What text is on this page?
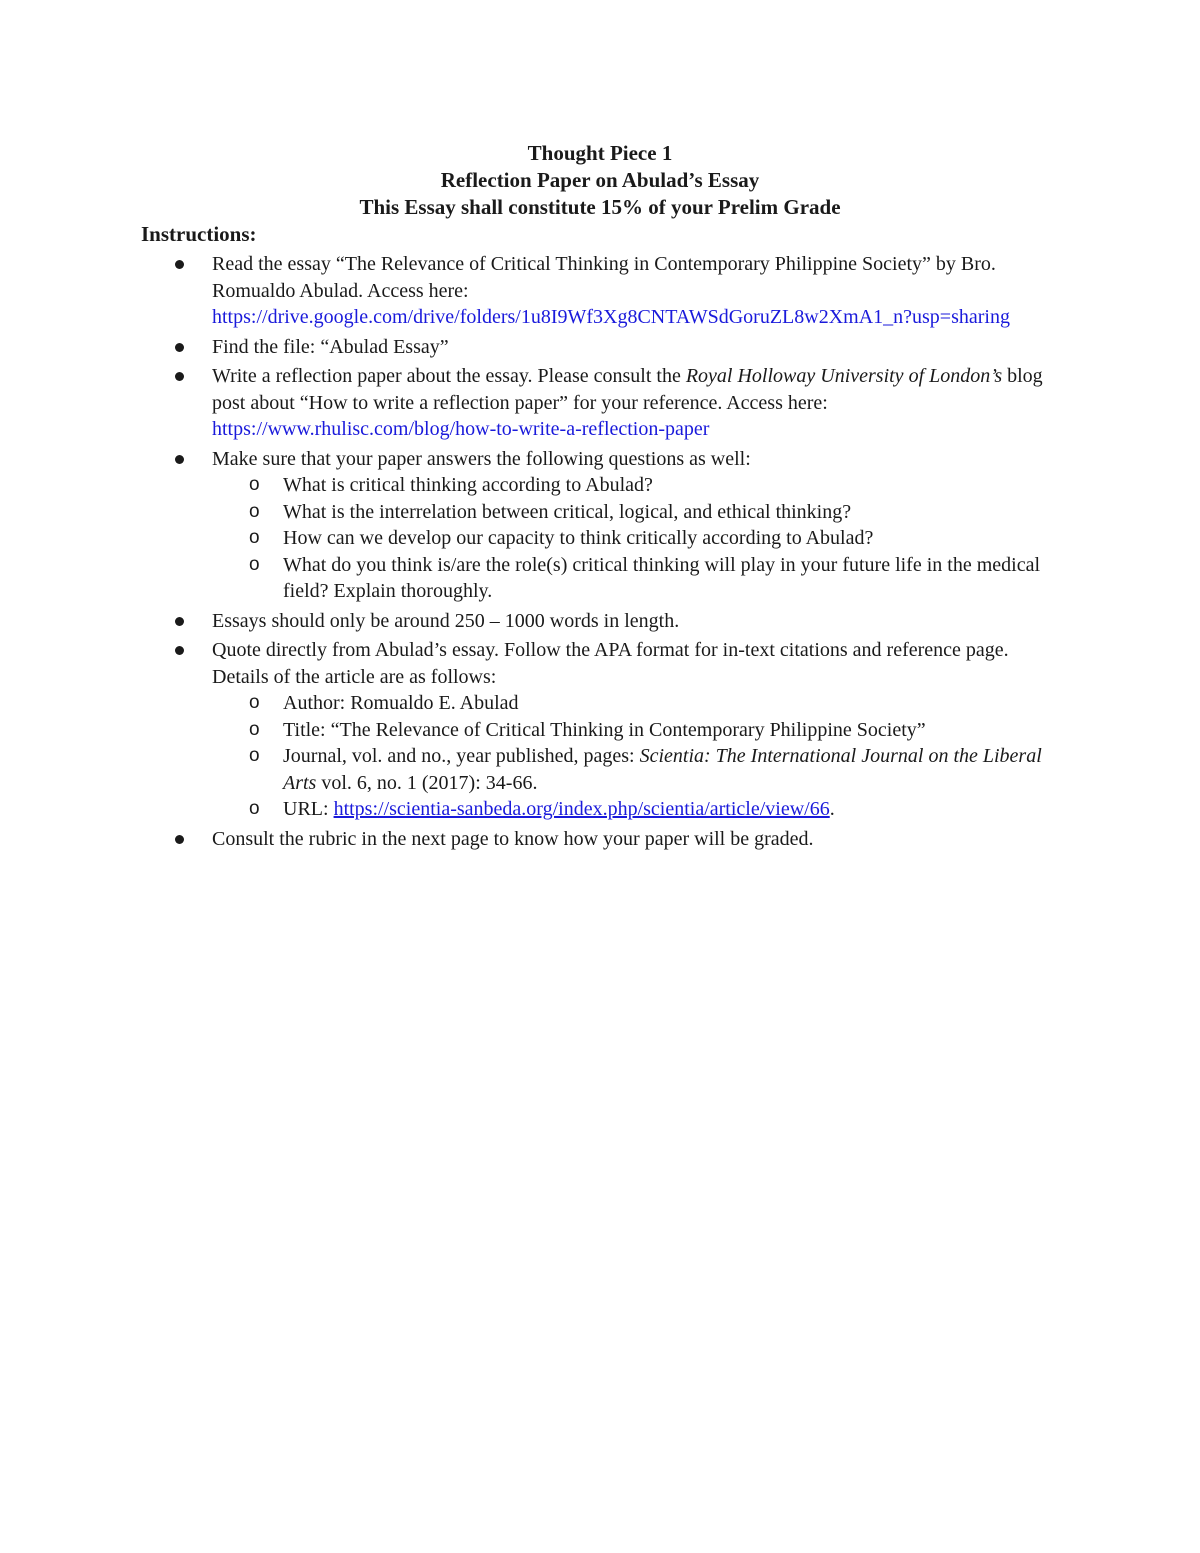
Thought Piece 1
Reflection Paper on Abulad’s Essay
This Essay shall constitute 15% of your Prelim Grade
Instructions:
Read the essay “The Relevance of Critical Thinking in Contemporary Philippine Society” by Bro. Romualdo Abulad. Access here:
https://drive.google.com/drive/folders/1u8I9Wf3Xg8CNTAWSdGoruZL8w2XmA1_n?usp=sharing
Find the file: “Abulad Essay”
Write a reflection paper about the essay. Please consult the Royal Holloway University of London’s blog post about “How to write a reflection paper” for your reference. Access here:
https://www.rhulisc.com/blog/how-to-write-a-reflection-paper
Make sure that your paper answers the following questions as well:
o What is critical thinking according to Abulad?
o What is the interrelation between critical, logical, and ethical thinking?
o How can we develop our capacity to think critically according to Abulad?
o What do you think is/are the role(s) critical thinking will play in your future life in the medical field? Explain thoroughly.
Essays should only be around 250 – 1000 words in length.
Quote directly from Abulad’s essay. Follow the APA format for in-text citations and reference page. Details of the article are as follows:
o Author: Romualdo E. Abulad
o Title: “The Relevance of Critical Thinking in Contemporary Philippine Society”
o Journal, vol. and no., year published, pages: Scientia: The International Journal on the Liberal Arts vol. 6, no. 1 (2017): 34-66.
o URL: https://scientia-sanbeda.org/index.php/scientia/article/view/66.
Consult the rubric in the next page to know how your paper will be graded.
